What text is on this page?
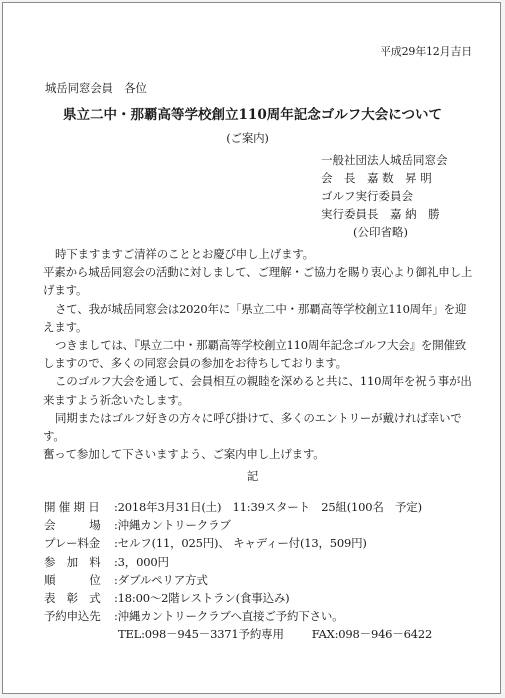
平成29年12月吉日
城岳同窓会員　各位
県立二中・那覇高等学校創立110周年記念ゴルフ大会について
(ご案内)
一般社団法人城岳同窓会
会　長　嘉 数　昇 明
ゴルフ実行委員会
実行委員長　嘉 納　勝
(公印省略)

時下ますますご清祥のこととお慶び申し上げます。

平素から城岳同窓会の活動に対しまして、ご理解・ご協力を賜り衷心より御礼申し上

げます。

さて、我が城岳同窓会は2020年に「県立二中・那覇高等学校創立110周年」を迎

えます。

つきましては、『県立二中・那覇高等学校創立110周年記念ゴルフ大会』を開催致

しますので、多くの同窓会員の参加をお待ちしております。

このゴルフ大会を通して、会員相互の親睦を深めると共に、110周年を祝う事が出

来ますよう祈念いたします。

同期またはゴルフ好きの方々に呼び掛けて、多くのエントリーが戴ければ幸いです。

奮って参加して下さいますよう、ご案内申し上げます。

記
開 催 期 日 :2018年3月31日(土)　11:39スタート　25組(100名　予定)
会　　　場 :沖縄カントリークラブ
プレー料金 :セルフ(11，025円)、 キャディー付(13，509円)
参　加　料 :3，000円
順　　　位 :ダブルペリア方式
表　彰　式 :18:00～2階レストラン(食事込み)
予約申込先 :沖縄カントリークラブへ直接ご予約下さい。
TEL:098－945－3371予約専用 FAX:098－946－6422
